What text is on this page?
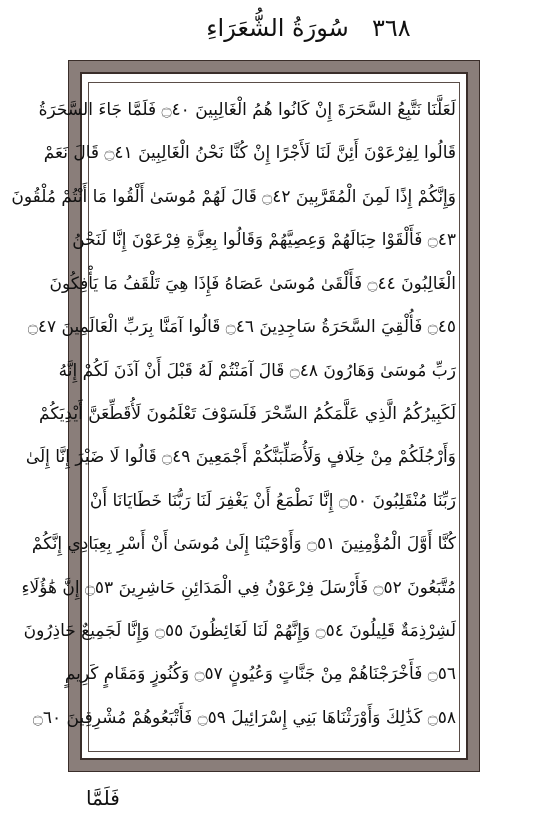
٣٦٨
سُورَةُ الشُّعَرَاءِ
لَعَلَّنَا نَتَّبِعُ السَّحَرَةَ إِنْ كَانُوا هُمُ الْغَالِبِينَ ۝٤٠ فَلَمَّا جَاءَ السَّحَرَةُ
قَالُوا لِفِرْعَوْنَ أَئِنَّ لَنَا لَأَجْرًا إِنْ كُنَّا نَحْنُ الْغَالِبِينَ ۝٤١ قَالَ نَعَمْ
وَإِنَّكُمْ إِذًا لَمِنَ الْمُقَرَّبِينَ ۝٤٢ قَالَ لَهُمْ مُوسَىٰ أَلْقُوا مَا أَنْتُمْ مُلْقُونَ
۝٤٣ فَأَلْقَوْا حِبَالَهُمْ وَعِصِيَّهُمْ وَقَالُوا بِعِزَّةِ فِرْعَوْنَ إِنَّا لَنَحْنُ
الْغَالِبُونَ ۝٤٤ فَأَلْقَىٰ مُوسَىٰ عَصَاهُ فَإِذَا هِيَ تَلْقَفُ مَا يَأْفِكُونَ
۝٤٥ فَأُلْقِيَ السَّحَرَةُ سَاجِدِينَ ۝٤٦ قَالُوا آمَنَّا بِرَبِّ الْعَالَمِينَ ۝٤٧
رَبِّ مُوسَىٰ وَهَارُونَ ۝٤٨ قَالَ آمَنْتُمْ لَهُ قَبْلَ أَنْ آذَنَ لَكُمْ إِنَّهُ
لَكَبِيرُكُمُ الَّذِي عَلَّمَكُمُ السِّحْرَ فَلَسَوْفَ تَعْلَمُونَ لَأُقَطِّعَنَّ أَيْدِيَكُمْ
وَأَرْجُلَكُمْ مِنْ خِلَافٍ وَلَأُصَلِّبَنَّكُمْ أَجْمَعِينَ ۝٤٩ قَالُوا لَا ضَيْرَ إِنَّا إِلَىٰ
رَبِّنَا مُنْقَلِبُونَ ۝٥٠ إِنَّا نَطْمَعُ أَنْ يَغْفِرَ لَنَا رَبُّنَا خَطَايَانَا أَنْ
كُنَّا أَوَّلَ الْمُؤْمِنِينَ ۝٥١ وَأَوْحَيْنَا إِلَىٰ مُوسَىٰ أَنْ أَسْرِ بِعِبَادِي إِنَّكُمْ
مُتَّبَعُونَ ۝٥٢ فَأَرْسَلَ فِرْعَوْنُ فِي الْمَدَائِنِ حَاشِرِينَ ۝٥٣ إِنَّ هَٰؤُلَاءِ
لَشِرْذِمَةٌ قَلِيلُونَ ۝٥٤ وَإِنَّهُمْ لَنَا لَغَائِظُونَ ۝٥٥ وَإِنَّا لَجَمِيعٌ حَاذِرُونَ
۝٥٦ فَأَخْرَجْنَاهُمْ مِنْ جَنَّاتٍ وَعُيُونٍ ۝٥٧ وَكُنُوزٍ وَمَقَامٍ كَرِيمٍ
۝٥٨ كَذَٰلِكَ وَأَوْرَثْنَاهَا بَنِي إِسْرَائِيلَ ۝٥٩ فَأَتْبَعُوهُمْ مُشْرِقِينَ ۝٦٠
فَلَمَّا
